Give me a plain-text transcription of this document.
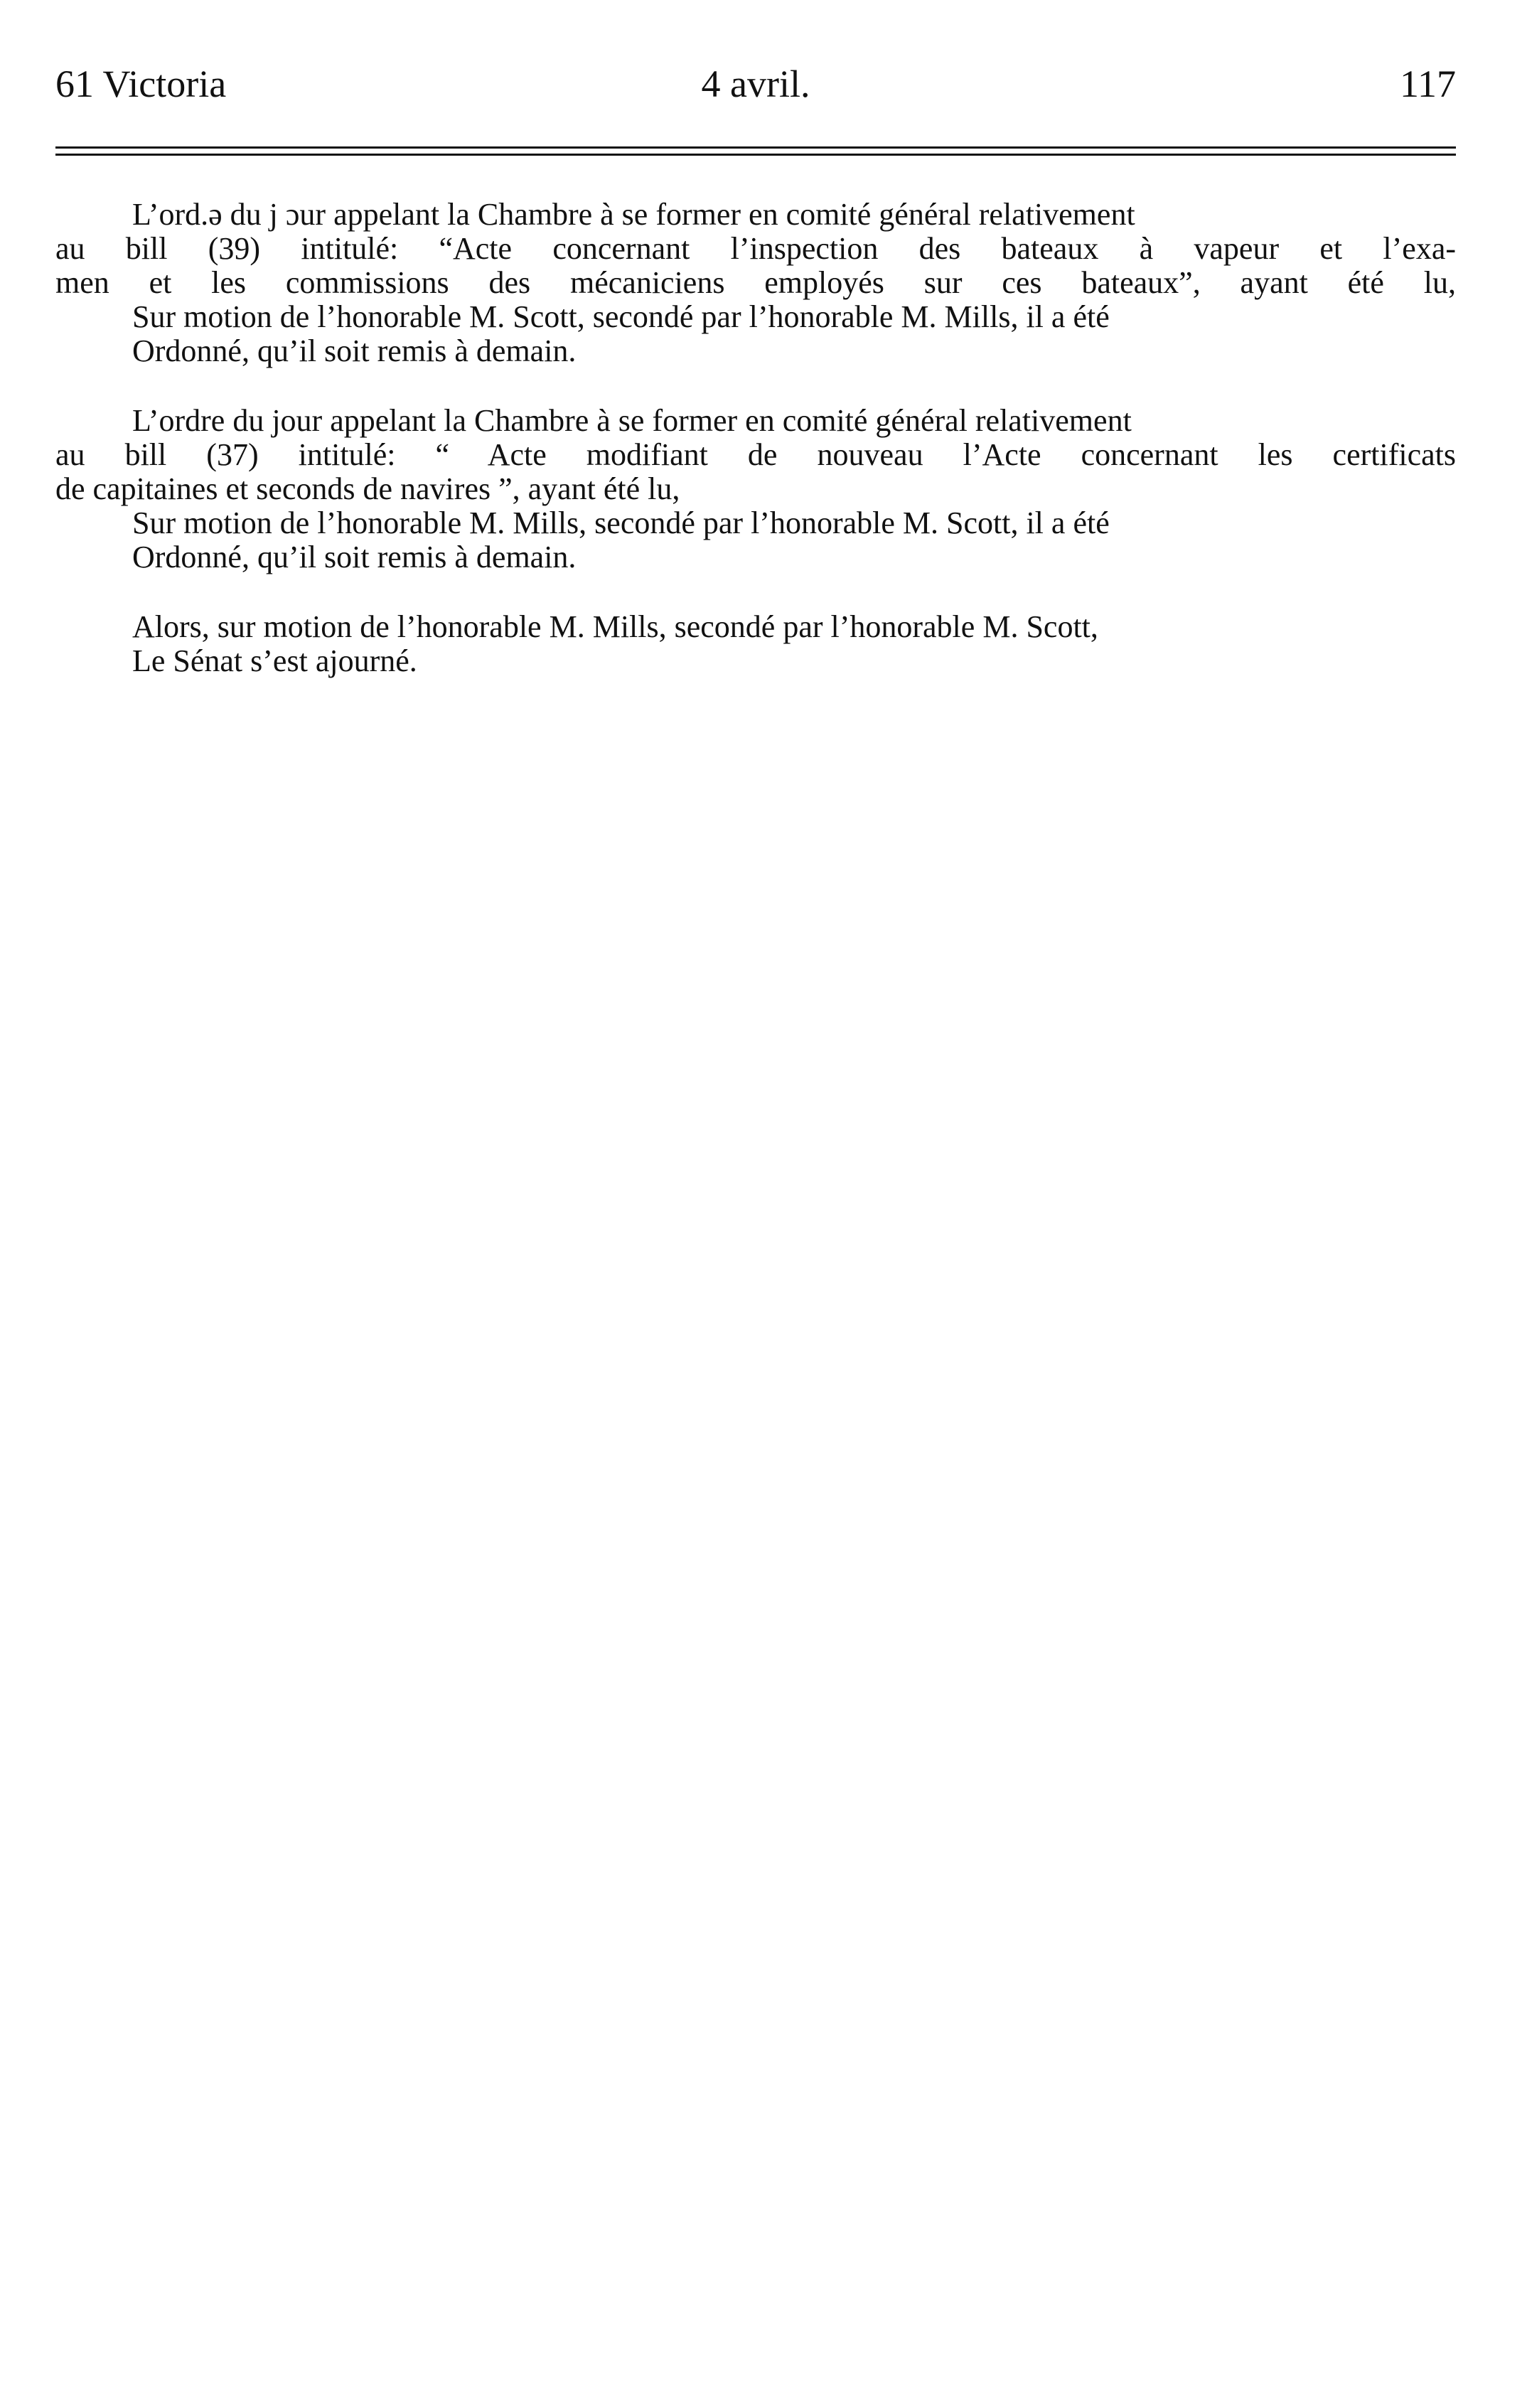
61 Victoria	4 avril.	117
L’ord.ə du j ɔur appelant la Chambre à se former en comité général relativement
au bill (39) intitulé: “Acte concernant l’inspection des bateaux à vapeur et l’exa-
men et les commissions des mécaniciens employés sur ces bateaux”, ayant été lu,
Sur motion de l’honorable M. Scott, secondé par l’honorable M. Mills, il a été
Ordonné, qu’il soit remis à demain.
L’ordre du jour appelant la Chambre à se former en comité général relativement
au bill (37) intitulé: “ Acte modifiant de nouveau l’Acte concernant les certificats
de capitaines et seconds de navires ”, ayant été lu,
Sur motion de l’honorable M. Mills, secondé par l’honorable M. Scott, il a été
Ordonné, qu’il soit remis à demain.
Alors, sur motion de l’honorable M. Mills, secondé par l’honorable M. Scott,
Le Sénat s’est ajourné.
